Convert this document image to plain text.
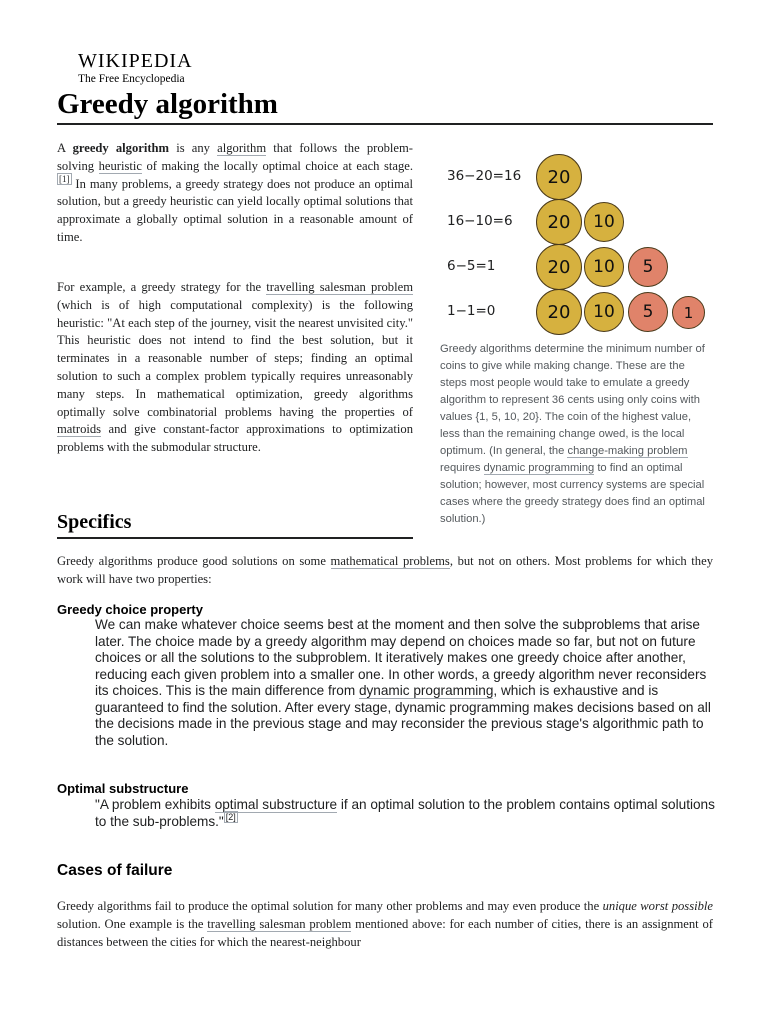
WIKIPEDIA
The Free Encyclopedia
Greedy algorithm

A greedy algorithm is any algorithm that follows the problem-solving heuristic of making the locally optimal choice at each stage.[1] In many problems, a greedy strategy does not produce an optimal solution, but a greedy heuristic can yield locally optimal solutions that approximate a globally optimal solution in a reasonable amount of time.

For example, a greedy strategy for the travelling salesman problem (which is of high computational complexity) is the following heuristic: "At each step of the journey, visit the nearest unvisited city." This heuristic does not intend to find the best solution, but it terminates in a reasonable number of steps; finding an optimal solution to such a complex problem typically requires unreasonably many steps. In mathematical optimization, greedy algorithms optimally solve combinatorial problems having the properties of matroids and give constant-factor approximations to optimization problems with the submodular structure.

36−20=16	20
16−10=6	20	10
6−5=1	20	10	5
1−1=0	20	10	5	1

Greedy algorithms determine the minimum number of coins to give while making change. These are the steps most people would take to emulate a greedy algorithm to represent 36 cents using only coins with values {1, 5, 10, 20}. The coin of the highest value, less than the remaining change owed, is the local optimum. (In general, the change-making problem requires dynamic programming to find an optimal solution; however, most currency systems are special cases where the greedy strategy does find an optimal solution.)

Specifics

Greedy algorithms produce good solutions on some mathematical problems, but not on others. Most problems for which they work will have two properties:

Greedy choice property

We can make whatever choice seems best at the moment and then solve the subproblems that arise later. The choice made by a greedy algorithm may depend on choices made so far, but not on future choices or all the solutions to the subproblem. It iteratively makes one greedy choice after another, reducing each given problem into a smaller one. In other words, a greedy algorithm never reconsiders its choices. This is the main difference from dynamic programming, which is exhaustive and is guaranteed to find the solution. After every stage, dynamic programming makes decisions based on all the decisions made in the previous stage and may reconsider the previous stage's algorithmic path to the solution.

Optimal substructure

"A problem exhibits optimal substructure if an optimal solution to the problem contains optimal solutions to the sub-problems." [2]

Cases of failure

Greedy algorithms fail to produce the optimal solution for many other problems and may even produce the unique worst possible solution. One example is the travelling salesman problem mentioned above: for each number of cities, there is an assignment of distances between the cities for which the nearest-neighbour
